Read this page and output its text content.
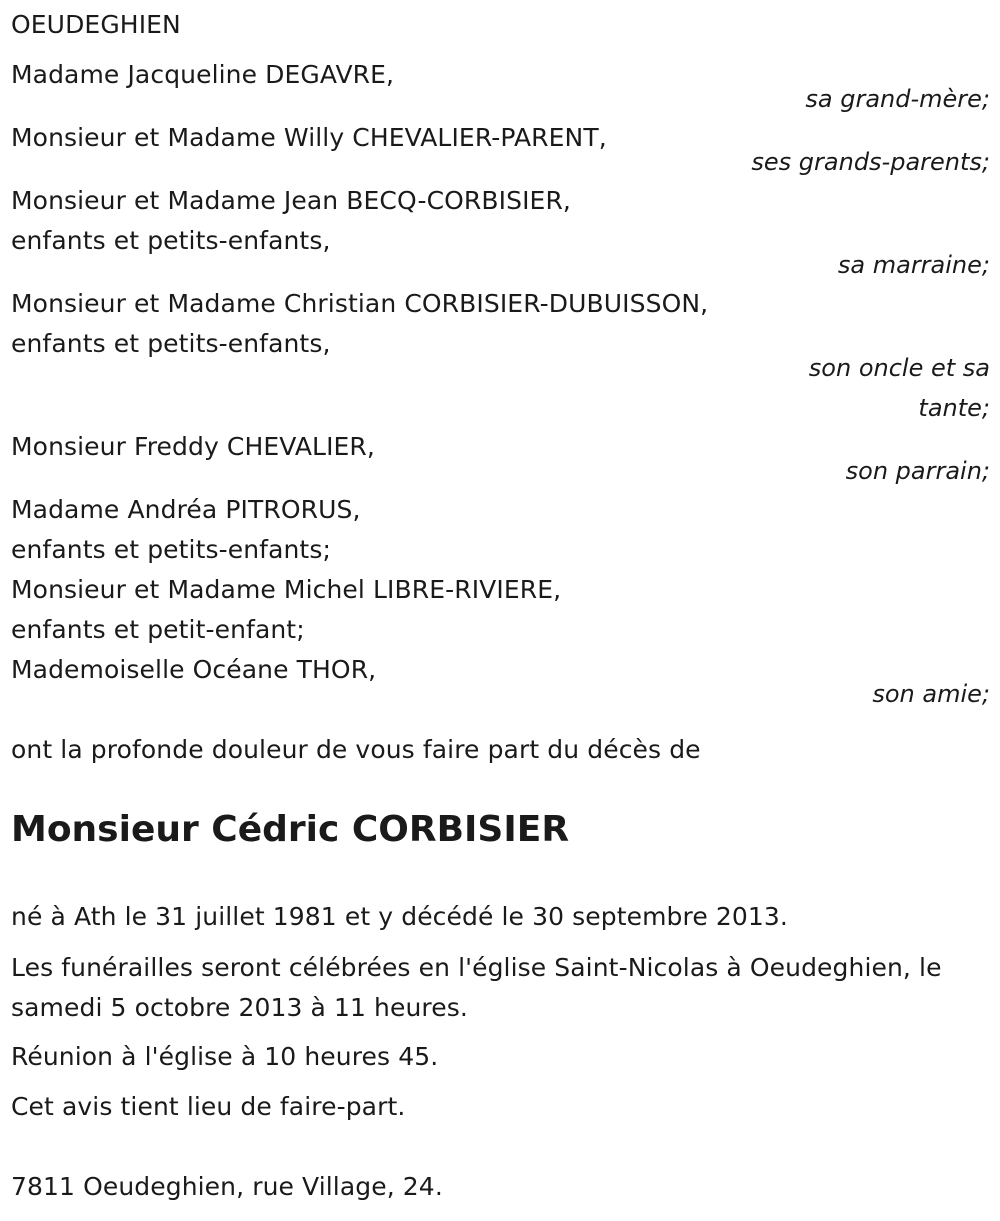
OEUDEGHIEN
Madame Jacqueline DEGAVRE,
sa grand-mère;
Monsieur et Madame Willy CHEVALIER-PARENT,
ses grands-parents;
Monsieur et Madame Jean BECQ-CORBISIER,
enfants et petits-enfants,
sa marraine;
Monsieur et Madame Christian CORBISIER-DUBUISSON,
enfants et petits-enfants,
son oncle et sa
tante;
Monsieur Freddy CHEVALIER,
son parrain;
Madame Andréa PITRORUS,
enfants et petits-enfants;
Monsieur et Madame Michel LIBRE-RIVIERE,
enfants et petit-enfant;
Mademoiselle Océane THOR,
son amie;
ont la profonde douleur de vous faire part du décès de
Monsieur Cédric CORBISIER
né à Ath le 31 juillet 1981 et y décédé le 30 septembre 2013.
Les funérailles seront célébrées en l'église Saint-Nicolas à Oeudeghien, le
samedi 5 octobre 2013 à 11 heures.
Réunion à l'église à 10 heures 45.
Cet avis tient lieu de faire-part.
7811 Oeudeghien, rue Village, 24.
